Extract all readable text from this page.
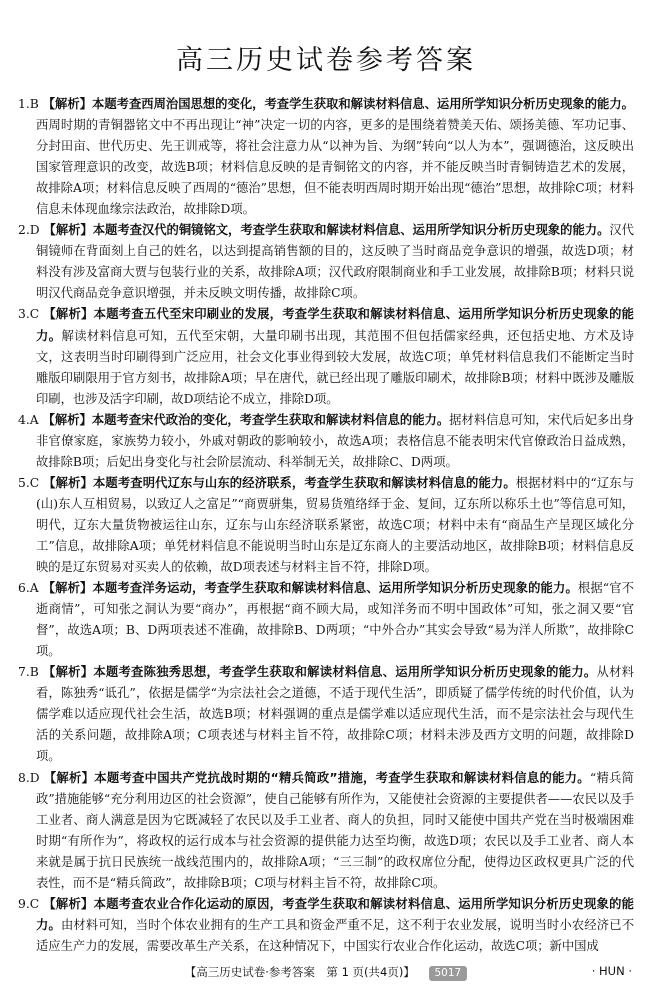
高三历史试卷参考答案

1.B 【解析】本题考查西周治国思想的变化，考查学生获取和解读材料信息、运用所学知识分析历史现象的能力。西周时期的青铜器铭文中不再出现让“神”决定一切的内容，更多的是围绕着赞美天佑、颂扬美德、军功记事、分封田亩、世代历史、先王训戒等，将社会注意力从“以神为旨、为纲”转向“以人为本”，强调德治，这反映出国家管理意识的改变，故选B项；材料信息反映的是青铜铭文的内容，并不能反映当时青铜铸造艺术的发展，故排除A项；材料信息反映了西周的“德治”思想，但不能表明西周时期开始出现“德治”思想，故排除C项；材料信息未体现血缘宗法政治，故排除D项。

2.D 【解析】本题考查汉代的铜镜铭文，考查学生获取和解读材料信息、运用所学知识分析历史现象的能力。汉代铜镜师在背面刻上自己的姓名，以达到提高销售额的目的，这反映了当时商品竞争意识的增强，故选D项；材料没有涉及富商大贾与包装行业的关系，故排除A项；汉代政府限制商业和手工业发展，故排除B项；材料只说明汉代商品竞争意识增强，并未反映文明传播，故排除C项。

3.C 【解析】本题考查五代至宋印刷业的发展，考查学生获取和解读材料信息、运用所学知识分析历史现象的能力。解读材料信息可知，五代至宋朝，大量印刷书出现，其范围不但包括儒家经典，还包括史地、方术及诗文，这表明当时印刷得到广泛应用，社会文化事业得到较大发展，故选C项；单凭材料信息我们不能断定当时雕版印刷限用于官方刻书，故排除A项；早在唐代，就已经出现了雕版印刷术，故排除B项；材料中既涉及雕版印刷，也涉及活字印刷，故D项结论不成立，排除D项。

4.A 【解析】本题考查宋代政治的变化，考查学生获取和解读材料信息的能力。据材料信息可知，宋代后妃多出身非官僚家庭，家族势力较小，外戚对朝政的影响较小，故选A项；表格信息不能表明宋代官僚政治日益成熟，故排除B项；后妃出身变化与社会阶层流动、科举制无关，故排除C、D两项。

5.C 【解析】本题考查明代辽东与山东的经济联系，考查学生获取和解读材料信息的能力。根据材料中的“辽东与(山)东人互相贸易，以致辽人之富足”“商贾骈集，贸易货殖络绎于金、复间，辽东所以称乐土也”等信息可知，明代，辽东大量货物被运往山东，辽东与山东经济联系紧密，故选C项；材料中未有“商品生产呈现区域化分工”信息，故排除A项；单凭材料信息不能说明当时山东是辽东商人的主要活动地区，故排除B项；材料信息反映的是辽东贸易对买卖人的依赖，故D项表述与材料主旨不符，排除D项。

6.A 【解析】本题考查洋务运动，考查学生获取和解读材料信息、运用所学知识分析历史现象的能力。根据“官不逝商情”，可知张之洞认为要“商办”，再根据“商不顾大局，或知洋务而不明中国政体”可知，张之洞又要“官督”，故选A项；B、D两项表述不准确，故排除B、D两项；“中外合办”其实会导致“易为洋人所欺”，故排除C项。

7.B 【解析】本题考查陈独秀思想，考查学生获取和解读材料信息、运用所学知识分析历史现象的能力。从材料看，陈独秀“诋孔”，依据是儒学“为宗法社会之道德，不适于现代生活”，即质疑了儒学传统的时代价值，认为儒学难以适应现代社会生活，故选B项；材料强调的重点是儒学难以适应现代生活，而不是宗法社会与现代生活的关系问题，故排除A项；C项表述与材料主旨不符，故排除C项；材料未涉及西方文明的问题，故排除D项。

8.D 【解析】本题考查中国共产党抗战时期的“精兵简政”措施，考查学生获取和解读材料信息的能力。“精兵简政”措施能够“充分利用边区的社会资源”，使自己能够有所作为，又能使社会资源的主要提供者——农民以及手工业者、商人满意是因为它既减轻了农民以及手工业者、商人的负担，同时又能使中国共产党在当时极端困难时期“有所作为”，将政权的运行成本与社会资源的提供能力达至均衡，故选D项；农民以及手工业者、商人本来就是属于抗日民族统一战线范围内的，故排除A项；“三三制”的政权席位分配，使得边区政权更具广泛的代表性，而不是“精兵简政”，故排除B项；C项与材料主旨不符，故排除C项。

9.C 【解析】本题考查农业合作化运动的原因，考查学生获取和解读材料信息、运用所学知识分析历史现象的能力。由材料可知，当时个体农业拥有的生产工具和资金严重不足，这不利于农业发展，说明当时小农经济已不适应生产力的发展，需要改革生产关系，在这种情况下，中国实行农业合作化运动，故选C项；新中国成

【高三历史试卷·参考答案　第 1 页(共4页)】 5017	· HUN ·
